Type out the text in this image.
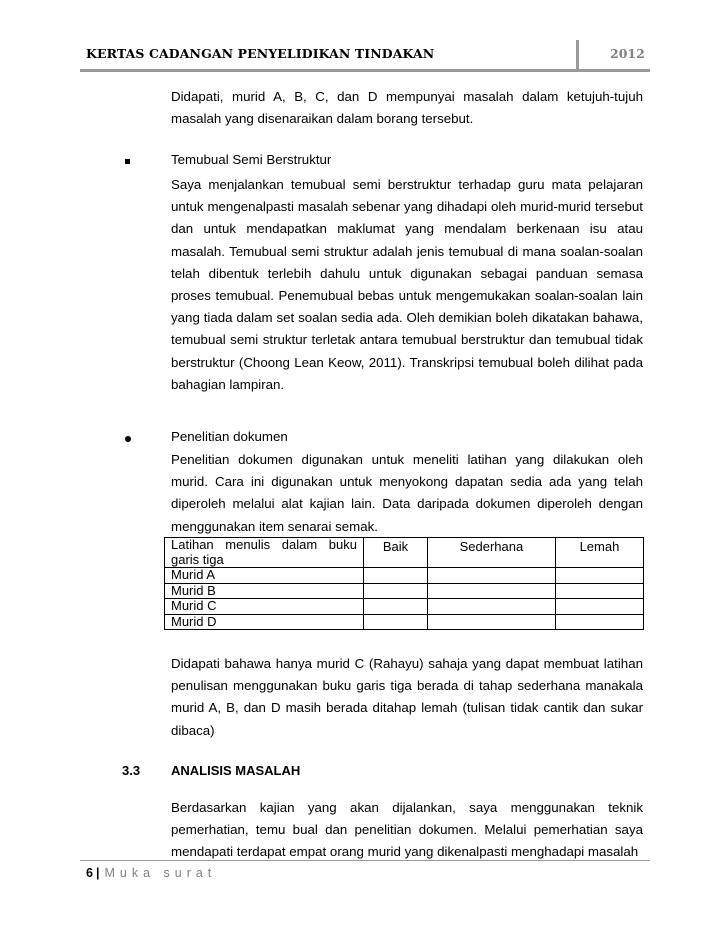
KERTAS CADANGAN PENYELIDIKAN TINDAKAN	2012
Didapati, murid A, B, C, dan D mempunyai masalah dalam ketujuh-tujuh masalah yang disenaraikan dalam borang tersebut.
Temubual Semi Berstruktur
Saya menjalankan temubual semi berstruktur terhadap guru mata pelajaran untuk mengenalpasti masalah sebenar yang dihadapi oleh murid-murid tersebut dan untuk mendapatkan maklumat yang mendalam berkenaan isu atau masalah. Temubual semi struktur adalah jenis temubual di mana soalan-soalan telah dibentuk terlebih dahulu untuk digunakan sebagai panduan semasa proses temubual. Penemubual bebas untuk mengemukakan soalan-soalan lain yang tiada dalam set soalan sedia ada. Oleh demikian boleh dikatakan bahawa, temubual semi struktur terletak antara temubual berstruktur dan temubual tidak berstruktur (Choong Lean Keow, 2011). Transkripsi temubual boleh dilihat pada bahagian lampiran.
Penelitian dokumen
Penelitian dokumen digunakan untuk meneliti latihan yang dilakukan oleh murid. Cara ini digunakan untuk menyokong dapatan sedia ada yang telah diperoleh melalui alat kajian lain. Data daripada dokumen diperoleh dengan menggunakan item senarai semak.
Latihan menulis dalam buku garis tiga	Baik	Sederhana	Lemah
Murid A			
Murid B			
Murid C			
Murid D			
Didapati bahawa hanya murid C (Rahayu) sahaja yang dapat membuat latihan penulisan menggunakan buku garis tiga berada di tahap sederhana manakala murid A, B, dan D masih berada ditahap lemah (tulisan tidak cantik dan sukar dibaca)
3.3 ANALISIS MASALAH
Berdasarkan kajian yang akan dijalankan, saya menggunakan teknik pemerhatian, temu bual dan penelitian dokumen. Melalui pemerhatian saya mendapati terdapat empat orang murid yang dikenalpasti menghadapi masalah
6 | Muka surat
